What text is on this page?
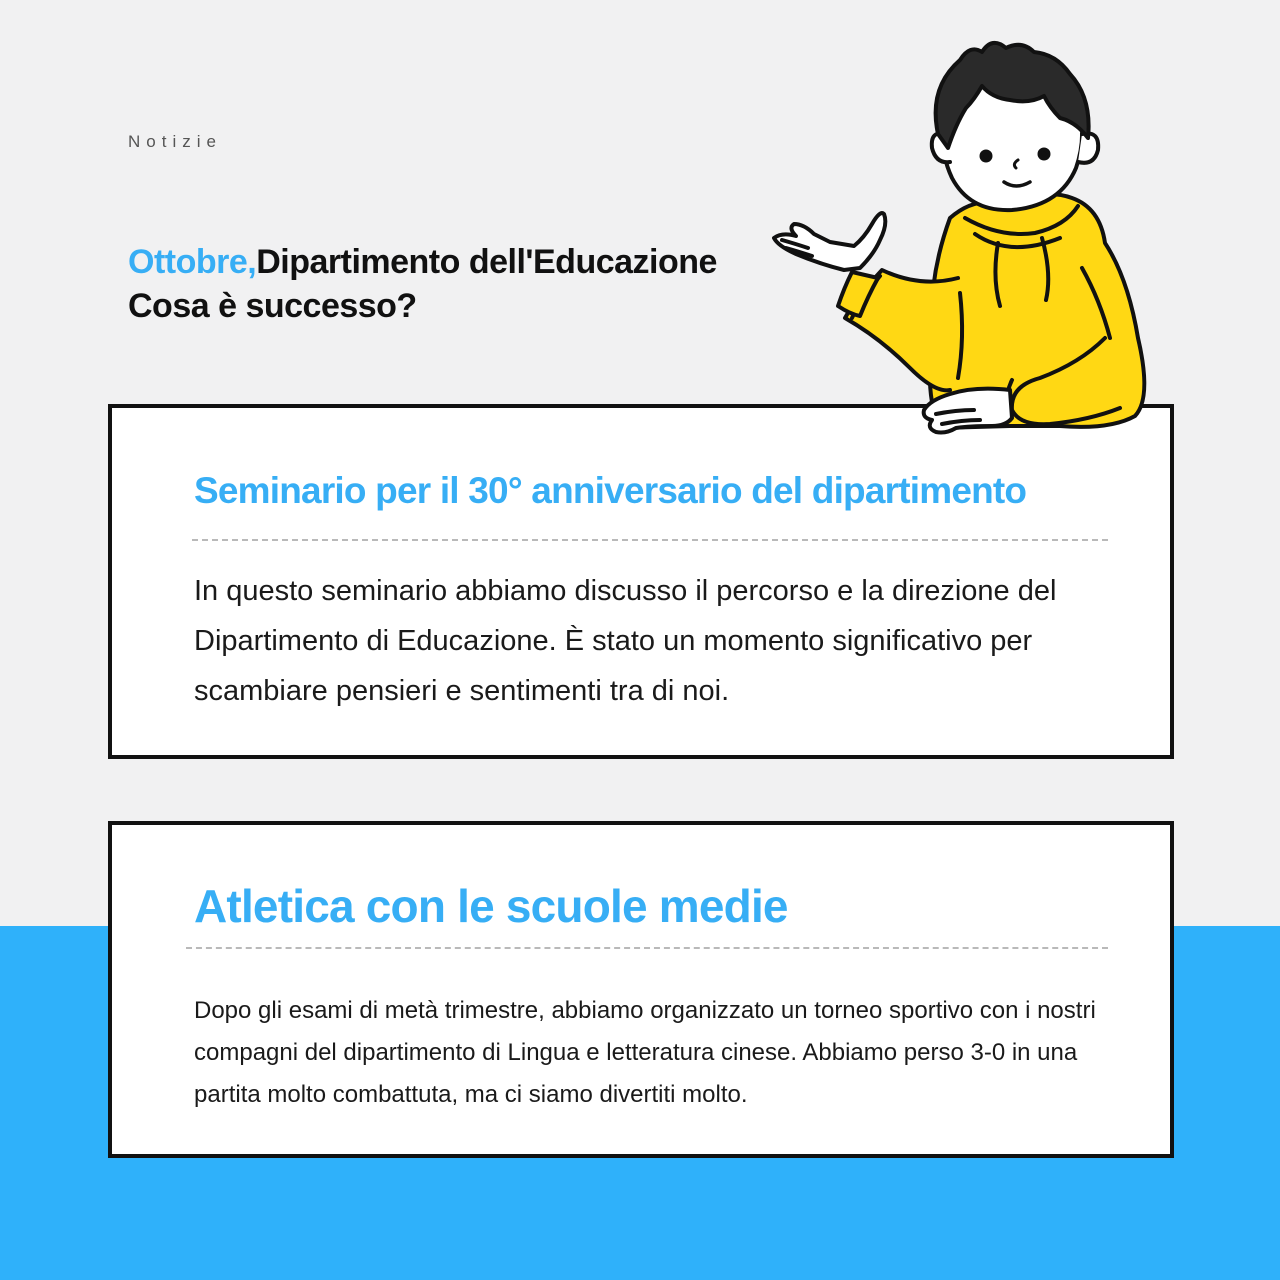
Notizie

Ottobre,Dipartimento dell'Educazione
Cosa è successo?
Seminario per il 30° anniversario del dipartimento

In questo seminario abbiamo discusso il percorso e la direzione del Dipartimento di Educazione. È stato un momento significativo per scambiare pensieri e sentimenti tra di noi.

Atletica con le scuole medie

Dopo gli esami di metà trimestre, abbiamo organizzato un torneo sportivo con i nostri compagni del dipartimento di Lingua e letteratura cinese. Abbiamo perso 3-0 in una partita molto combattuta, ma ci siamo divertiti molto.
